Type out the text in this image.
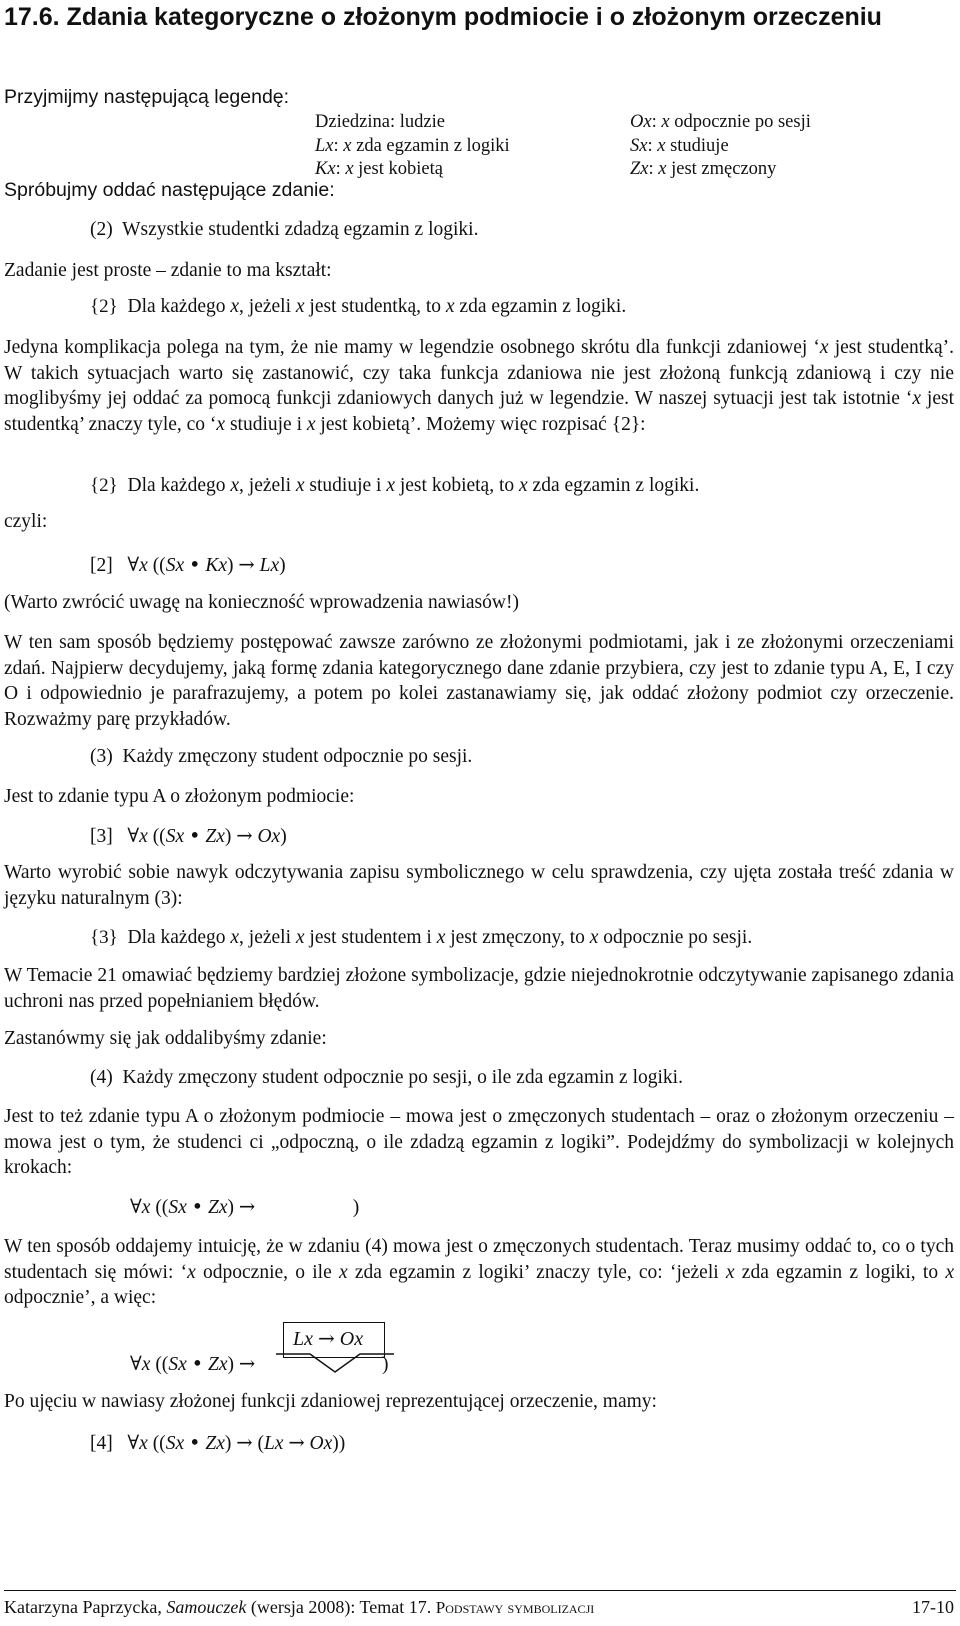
17.6. Zdania kategoryczne o złożonym podmiocie i o złożonym orzeczeniu
Przyjmijmy następującą legendę:
Dziedzina: ludzie
Lx: x zda egzamin z logiki
Kx: x jest kobietą
Ox: x odpocznie po sesji
Sx: x studiuje
Zx: x jest zmęczony
Spróbujmy oddać następujące zdanie:
(2) Wszystkie studentki zdadzą egzamin z logiki.
Zadanie jest proste – zdanie to ma kształt:
{2} Dla każdego x, jeżeli x jest studentką, to x zda egzamin z logiki.

Jedyna komplikacja polega na tym, że nie mamy w legendzie osobnego skrótu dla funkcji zdaniowej ‘x jest studentką’. W takich sytuacjach warto się zastanowić, czy taka funkcja zdaniowa nie jest złożoną funkcją zdaniową i czy nie moglibyśmy jej oddać za pomocą funkcji zdaniowych danych już w legendzie. W naszej sytuacji jest tak istotnie ‘x jest studentką’ znaczy tyle, co ‘x studiuje i x jest kobietą’. Możemy więc rozpisać {2}:

{2} Dla każdego x, jeżeli x studiuje i x jest kobietą, to x zda egzamin z logiki.
czyli:
[2] ∀x ((Sx • Kx) → Lx)
(Warto zwrócić uwagę na konieczność wprowadzenia nawiasów!)

W ten sam sposób będziemy postępować zawsze zarówno ze złożonymi podmiotami, jak i ze złożonymi orzeczeniami zdań. Najpierw decydujemy, jaką formę zdania kategorycznego dane zdanie przybiera, czy jest to zdanie typu A, E, I czy O i odpowiednio je parafrazujemy, a potem po kolei zastanawiamy się, jak oddać złożony podmiot czy orzeczenie. Rozważmy parę przykładów.

(3) Każdy zmęczony student odpocznie po sesji.
Jest to zdanie typu A o złożonym podmiocie:
[3] ∀x ((Sx • Zx) → Ox)

Warto wyrobić sobie nawyk odczytywania zapisu symbolicznego w celu sprawdzenia, czy ujęta została treść zdania w języku naturalnym (3):

{3} Dla każdego x, jeżeli x jest studentem i x jest zmęczony, to x odpocznie po sesji.

W Temacie 21 omawiać będziemy bardziej złożone symbolizacje, gdzie niejednokrotnie odczytywanie zapisanego zdania uchroni nas przed popełnianiem błędów.

Zastanówmy się jak oddalibyśmy zdanie:
(4) Każdy zmęczony student odpocznie po sesji, o ile zda egzamin z logiki.

Jest to też zdanie typu A o złożonym podmiocie – mowa jest o zmęczonych studentach – oraz o złożonym orzeczeniu – mowa jest o tym, że studenci ci „odpoczną, o ile zdadzą egzamin z logiki”. Podejdźmy do symbolizacji w kolejnych krokach:

∀x ((Sx • Zx) →                    )

W ten sposób oddajemy intuicję, że w zdaniu (4) mowa jest o zmęczonych studentach. Teraz musimy oddać to, co o tych studentach się mówi: ‘x odpocznie, o ile x zda egzamin z logiki’ znaczy tyle, co: ‘jeżeli x zda egzamin z logiki, to x odpocznie’, a więc:

Lx → Ox
∀x ((Sx • Zx) →                          )
Po ujęciu w nawiasy złożonej funkcji zdaniowej reprezentującej orzeczenie, mamy:
[4] ∀x ((Sx • Zx) → (Lx → Ox))
Katarzyna Paprzycka, Samouczek (wersja 2008): Temat 17. Podstawy symbolizacji	17-10
